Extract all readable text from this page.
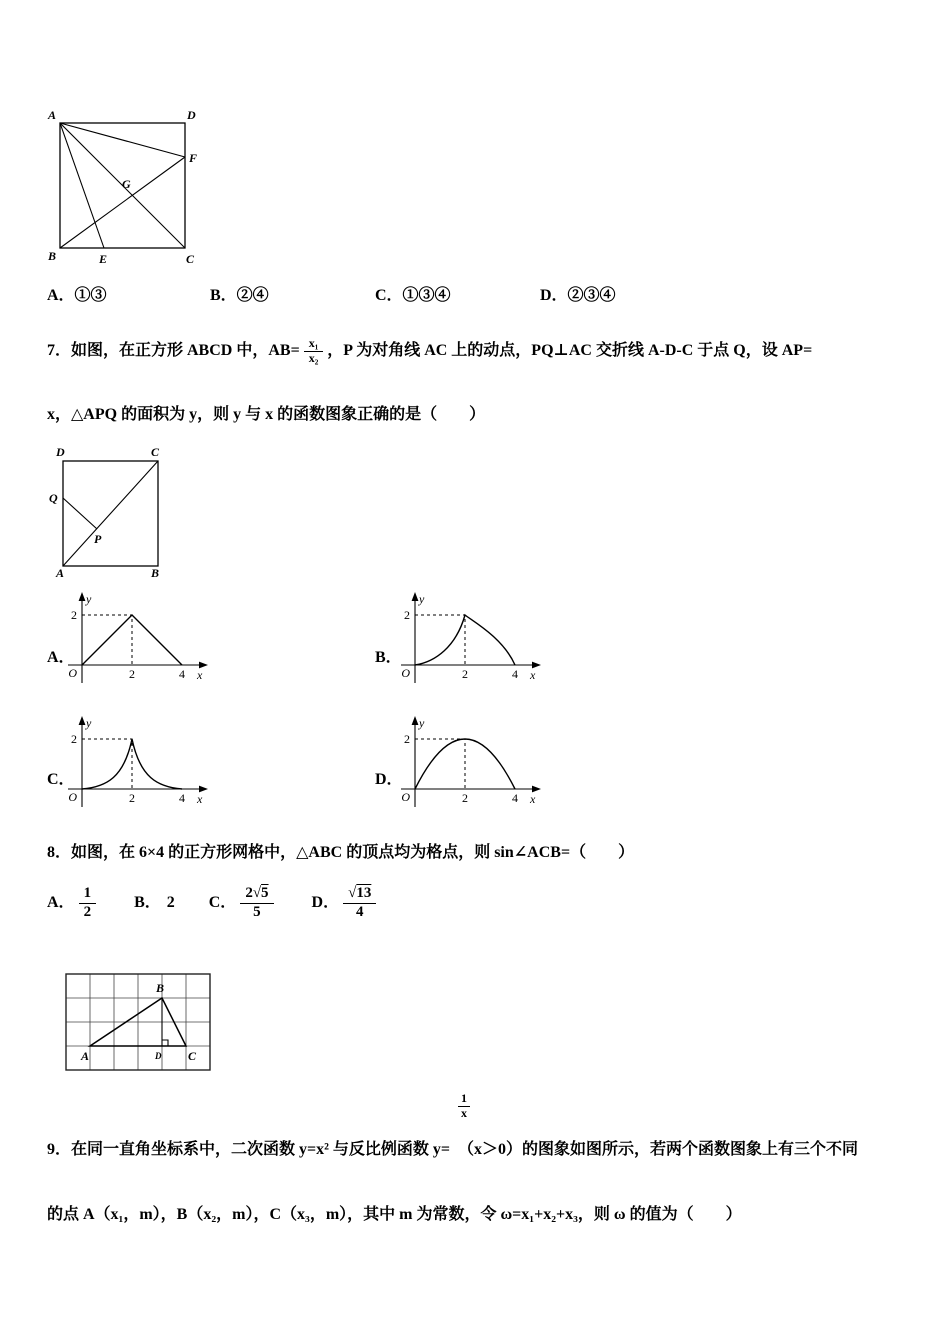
A	D
F
G
B	E	C
A．①③	B．②④	C．①③④	D．②③④
7．如图，在正方形 ABCD 中，$AB= \frac{\text{x₁}}{\text{x₂}}$ ，P 为对角线 AC 上的动点，PQ⊥AC 交折线 A‐D‐C 于点 Q，设 AP=
x，△APQ 的面积为 y，则 y 与 x 的函数图象正确的是（　　）
D	C
Q
P
A	B
A．
2
2	4
O
y
x
B．
2
2	4
O
y
x
C．
2
2	4
O
y
x
D．
2
2	4
O
y
x
8．如图，在 6×4 的正方形网格中，△ABC 的顶点均为格点，则 sin∠ACB=（　　）
A． $\frac{1}{2}$ B． 2 C． $\frac{2√5}{5}$ D． $\frac{√13}{4}$
A
B
C
D
$\frac{1}{x}$
9．在同一直角坐标系中，二次函数 y=x² 与反比例函数 y=　（x＞0）的图象如图所示，若两个函数图象上有三个不同
的点 A（x₁，m），B（x₂，m），C（x₃，m），其中 m 为常数，令 ω=x₁+x₂+x₃，则 ω 的值为（　　）
